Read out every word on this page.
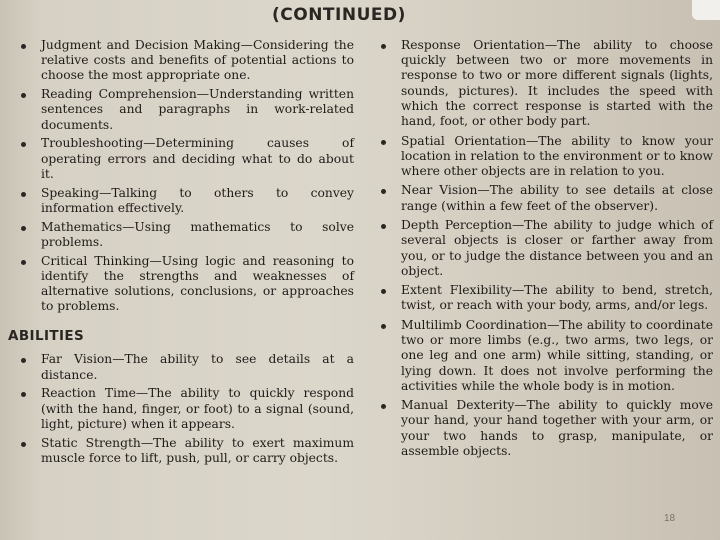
(CONTINUED)
Judgment and Decision Making—Considering the relative costs and benefits of potential actions to choose the most appropriate one.
Reading Comprehension—Understanding written sentences and paragraphs in work-related documents.
Troubleshooting—Determining causes of operating errors and deciding what to do about it.
Speaking—Talking to others to convey information effectively.
Mathematics—Using mathematics to solve problems.
Critical Thinking—Using logic and reasoning to identify the strengths and weaknesses of alternative solutions, conclusions, or approaches to problems.
ABILITIES
Far Vision—The ability to see details at a distance.
Reaction Time—The ability to quickly respond (with the hand, finger, or foot) to a signal (sound, light, picture) when it appears.
Static Strength—The ability to exert maximum muscle force to lift, push, pull, or carry objects.
Response Orientation—The ability to choose quickly between two or more movements in response to two or more different signals (lights, sounds, pictures). It includes the speed with which the correct response is started with the hand, foot, or other body part.
Spatial Orientation—The ability to know your location in relation to the environment or to know where other objects are in relation to you.
Near Vision—The ability to see details at close range (within a few feet of the observer).
Depth Perception—The ability to judge which of several objects is closer or farther away from you, or to judge the distance between you and an object.
Extent Flexibility—The ability to bend, stretch, twist, or reach with your body, arms, and/or legs.
Multilimb Coordination—The ability to coordinate two or more limbs (e.g., two arms, two legs, or one leg and one arm) while sitting, standing, or lying down. It does not involve performing the activities while the whole body is in motion.
Manual Dexterity—The ability to quickly move your hand, your hand together with your arm, or your two hands to grasp, manipulate, or assemble objects.
18
